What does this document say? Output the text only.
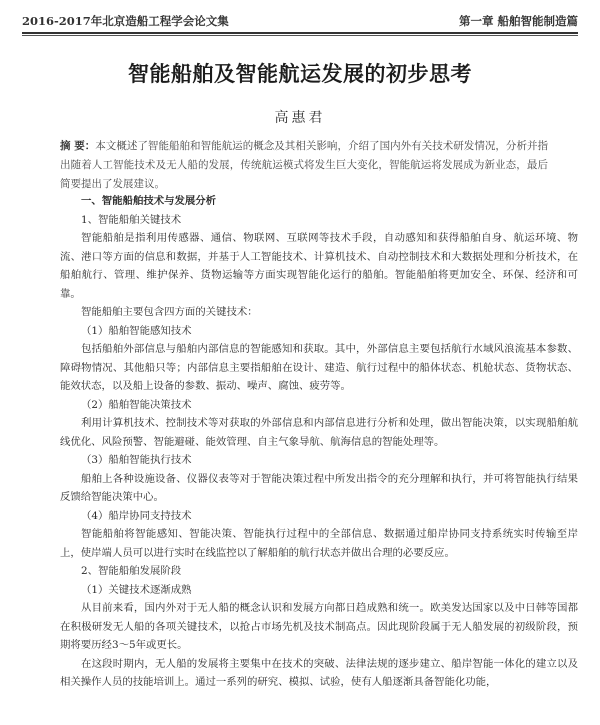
2016-2017年北京造船工程学会论文集	第一章 船舶智能制造篇
智能船舶及智能航运发展的初步思考
高惠君
摘 要：本文概述了智能船舶和智能航运的概念及其相关影响，介绍了国内外有关技术研发情况，分析并指出随着人工智能技术及无人船的发展，传统航运模式将发生巨大变化，智能航运将发展成为新业态，最后简要提出了发展建议。

一、智能船舶技术与发展分析

1、智能船舶关键技术

智能船舶是指利用传感器、通信、物联网、互联网等技术手段，自动感知和获得船舶自身、航运环境、物流、港口等方面的信息和数据，并基于人工智能技术、计算机技术、自动控制技术和大数据处理和分析技术，在船舶航行、管理、维护保养、货物运输等方面实现智能化运行的船舶。智能船舶将更加安全、环保、经济和可靠。

智能船舶主要包含四方面的关键技术：

（1）船舶智能感知技术

包括船舶外部信息与船舶内部信息的智能感知和获取。其中，外部信息主要包括航行水域风浪流基本参数、障碍物情况、其他船只等；内部信息主要指船舶在设计、建造、航行过程中的船体状态、机舱状态、货物状态、能效状态，以及船上设备的参数、振动、噪声、腐蚀、疲劳等。

（2）船舶智能决策技术

利用计算机技术、控制技术等对获取的外部信息和内部信息进行分析和处理，做出智能决策，以实现船舶航线优化、风险预警、智能避碰、能效管理、自主气象导航、航海信息的智能处理等。

（3）船舶智能执行技术

船舶上各种设施设备、仪器仪表等对于智能决策过程中所发出指令的充分理解和执行，并可将智能执行结果反馈给智能决策中心。

（4）船岸协同支持技术

智能船舶将智能感知、智能决策、智能执行过程中的全部信息、数据通过船岸协同支持系统实时传输至岸上，使岸端人员可以进行实时在线监控以了解船舶的航行状态并做出合理的必要反应。

2、智能船舶发展阶段

（1）关键技术逐渐成熟

从目前来看，国内外对于无人船的概念认识和发展方向都日趋成熟和统一。欧美发达国家以及中日韩等国都在积极研发无人船的各项关键技术，以抢占市场先机及技术制高点。因此现阶段属于无人船发展的初级阶段，预期将要历经3～5年或更长。

在这段时期内，无人船的发展将主要集中在技术的突破、法律法规的逐步建立、船岸智能一体化的建立以及相关操作人员的技能培训上。通过一系列的研究、模拟、试验，使有人船逐渐具备智能化功能，
